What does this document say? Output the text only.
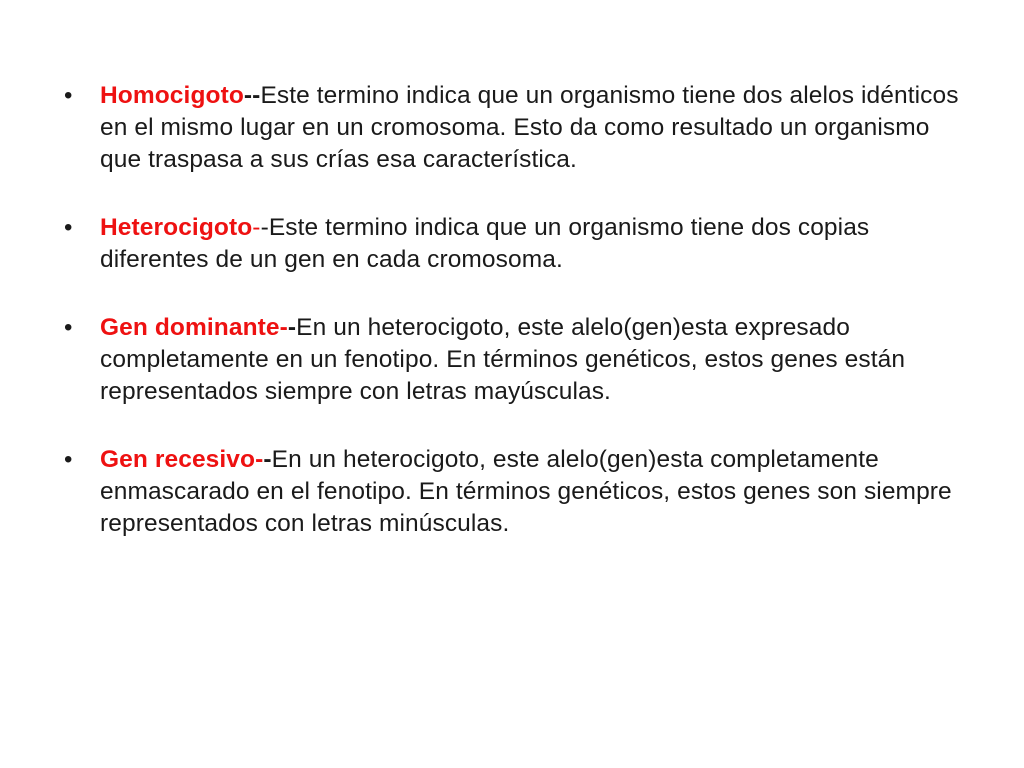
•	Homocigoto--Este termino indica que un organismo tiene dos alelos idénticos en el mismo lugar en un cromosoma. Esto da como resultado un organismo que traspasa a sus crías esa característica.
•	Heterocigoto--Este termino indica que un organismo tiene dos copias diferentes de un gen en cada cromosoma.
•	Gen dominante--En un heterocigoto, este alelo(gen)esta expresado completamente en un fenotipo. En términos genéticos, estos genes están representados siempre con letras mayúsculas.
•	Gen recesivo--En un heterocigoto, este alelo(gen)esta completamente enmascarado en el fenotipo. En términos genéticos, estos genes son siempre representados con letras minúsculas.
